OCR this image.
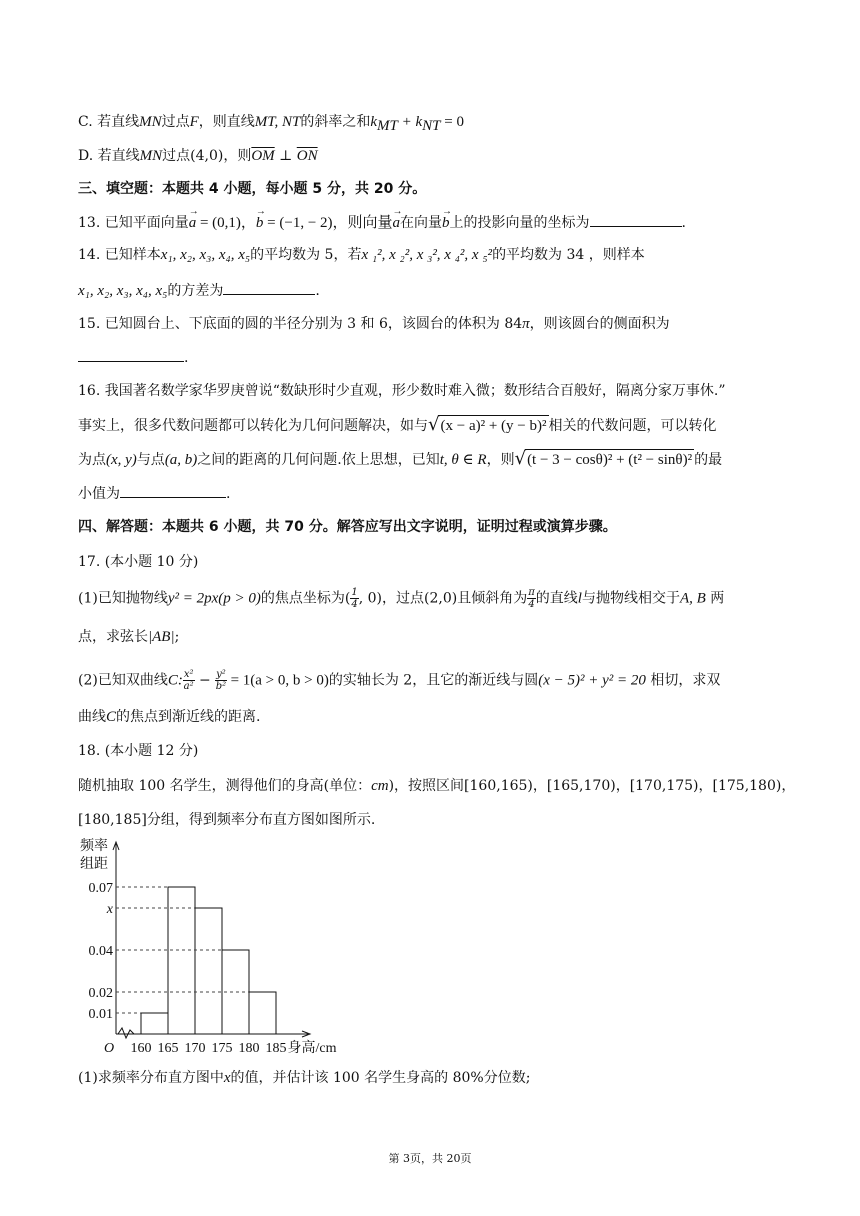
C. 若直线MN过点F，则直线MT, NT的斜率之和$k_{MT} + k_{NT} = 0$
D. 若直线MN过点(4,0)，则$\overline{OM}$ ⊥ $\overline{ON}$
三、填空题：本题共 4 小题，每小题 5 分，共 20 分。
13. 已知平面向量→ a = (0,1)，→ b = (−1, − 2)，则向量→ a在向量→ b上的投影向量的坐标为	.
14. 已知样本x₁, x₂, x₃, x₄, x₅的平均数为 5，若x ₁², x ₂², x ₃², x ₄², x ₅²的平均数为 34 ，则样本
x₁, x₂, x₃, x₄, x₅的方差为	.
15. 已知圆台上、下底面的圆的半径分别为 3 和 6，该圆台的体积为 84π，则该圆台的侧面积为
.
16. 我国著名数学家华罗庚曾说“数缺形时少直观，形少数时难入微；数形结合百般好，隔离分家万事休.”
事实上，很多代数问题都可以转化为几何问题解决，如与√(x − a)² + (y − b)² 相关的代数问题，可以转化
为点(x, y)与点(a, b)之间的距离的几何问题.依上思想，已知t, θ ∈ R，则√(t − 3 − cosθ)² + (t² − sinθ)² 的最
小值为	.
四、解答题：本题共 6 小题，共 70 分。解答应写出文字说明，证明过程或演算步骤。
17. (本小题 10 分)
(1)已知抛物线y² = 2px(p > 0)的焦点坐标为( $\frac{1}{4}$ , 0)，过点(2,0)且倾斜角为 $\frac{\pi}{4}$ 的直线l与抛物线相交于A, B 两
点，求弦长|AB|;
(2)已知双曲线C: $\frac{\text{x²}}{\text{a²}} - \frac{\text{y²}}{\text{b²}} = 1(a > 0$, b > 0)的实轴长为 2，且它的渐近线与圆(x − 5)² + y² = 20 相切，求双
曲线C的焦点到渐近线的距离.
18. (本小题 12 分)
随机抽取 100 名学生，测得他们的身高(单位：cm)，按照区间[160,165)，[165,170)，[170,175)，[175,180)，
[180,185]分组，得到频率分布直方图如图所示.
频率
组距
O
0.07
x
0.04
0.02
0.01
160 165 170 175 180 185 身高/cm
(1)求频率分布直方图中x的值，并估计该 100 名学生身高的 80%分位数;
第 3页，共 20页
